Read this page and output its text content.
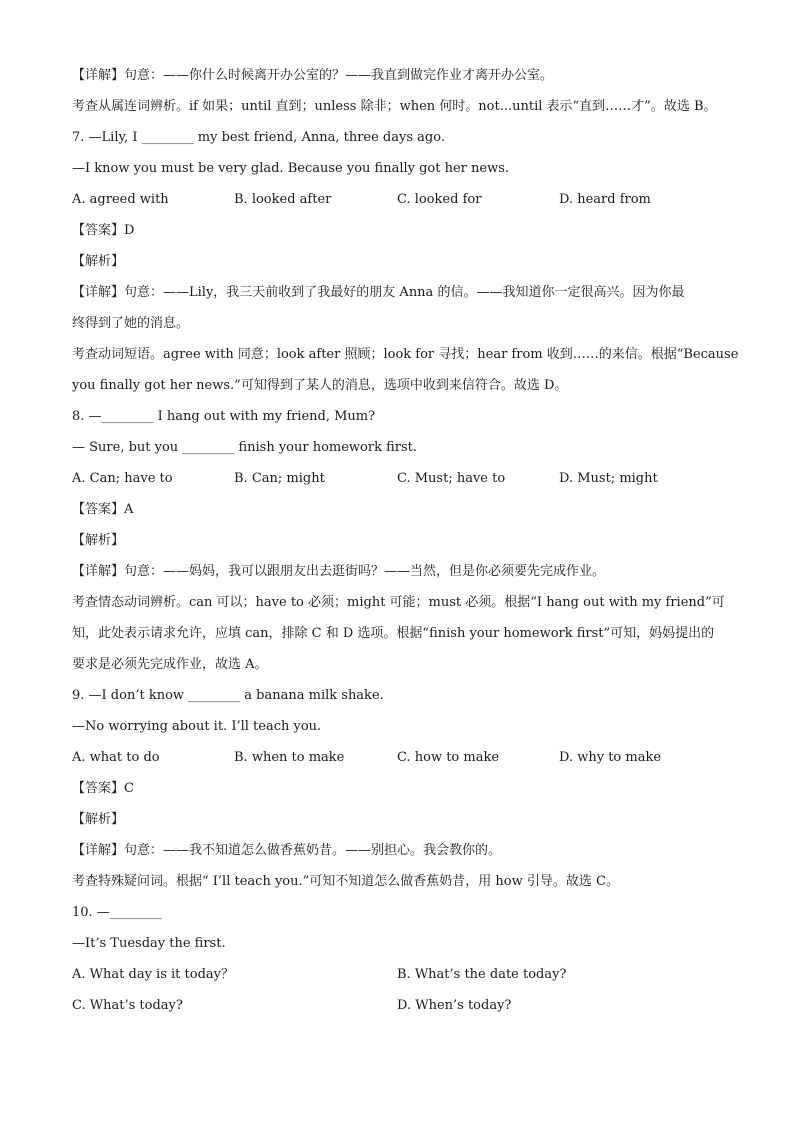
【详解】句意：——你什么时候离开办公室的？——我直到做完作业才离开办公室。
考查从属连词辨析。if 如果；until 直到；unless 除非；when 何时。not...until 表示“直到……才”。故选 B。
7. —Lily, I ________ my best friend, Anna, three days ago.
—I know you must be very glad. Because you finally got her news.
A. agreed with	B. looked after	C. looked for	D. heard from
【答案】D
【解析】
【详解】句意：——Lily，我三天前收到了我最好的朋友 Anna 的信。——我知道你一定很高兴。因为你最
终得到了她的消息。
考查动词短语。agree with 同意；look after 照顾；look for 寻找；hear from 收到……的来信。根据“Because
you finally got her news.”可知得到了某人的消息，选项中收到来信符合。故选 D。
8. —________ I hang out with my friend, Mum?
— Sure, but you ________ finish your homework first.
A. Can; have to	B. Can; might	C. Must; have to	D. Must; might
【答案】A
【解析】
【详解】句意：——妈妈，我可以跟朋友出去逛街吗？——当然，但是你必须要先完成作业。
考查情态动词辨析。can 可以；have to 必须；might 可能；must 必须。根据“I hang out with my friend”可
知，此处表示请求允许，应填 can，排除 C 和 D 选项。根据“finish your homework first”可知，妈妈提出的
要求是必须先完成作业，故选 A。
9. —I don’t know ________ a banana milk shake.
—No worrying about it. I’ll teach you.
A. what to do	B. when to make	C. how to make	D. why to make
【答案】C
【解析】
【详解】句意：——我不知道怎么做香蕉奶昔。——别担心。我会教你的。
考查特殊疑问词。根据“ I’ll teach you.”可知不知道怎么做香蕉奶昔，用 how 引导。故选 C。
10. —________
—It’s Tuesday the first.
A. What day is it today？	B. What’s the date today?
C. What’s today?	D. When’s today?
